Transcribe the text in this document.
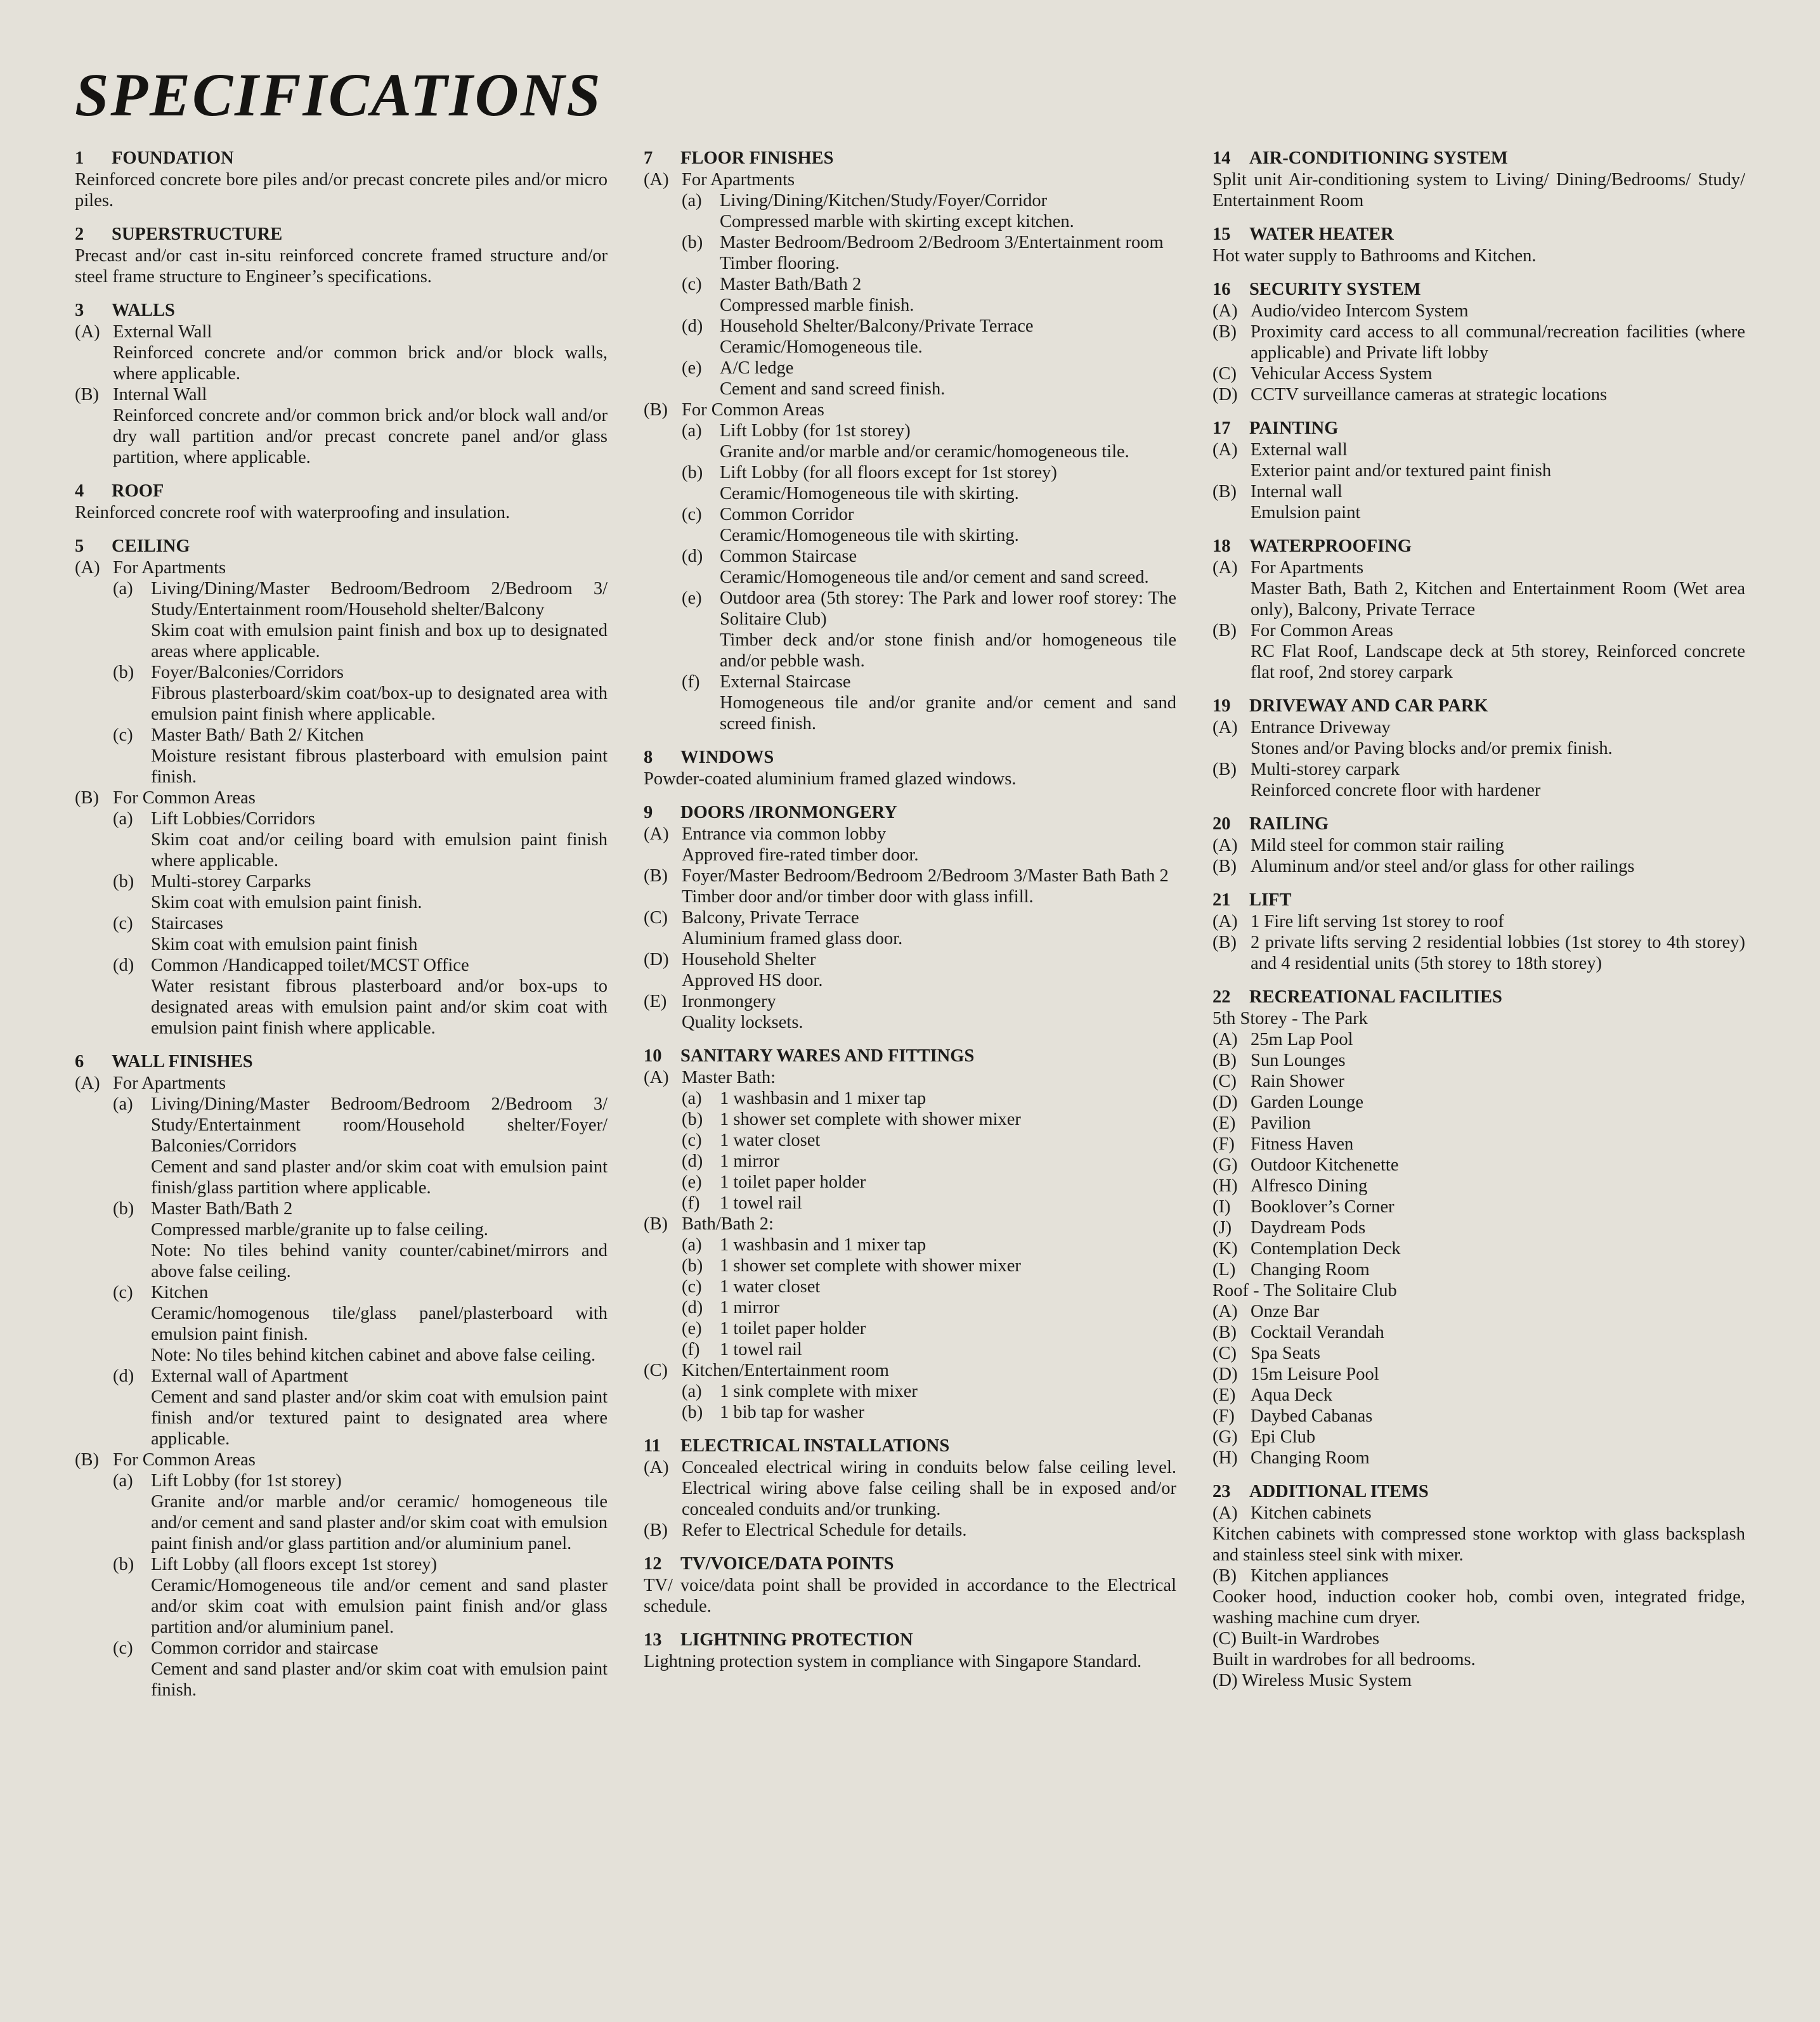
SPECIFICATIONS
1	FOUNDATION
Reinforced concrete bore piles and/or precast concrete piles and/or micro piles.
2	SUPERSTRUCTURE
Precast and/or cast in-situ reinforced concrete framed structure and/or steel frame structure to Engineer’s specifications.
3	WALLS
(A) External Wall
Reinforced concrete and/or common brick and/or block walls, where applicable.
(B) Internal Wall
Reinforced concrete and/or common brick and/or block wall and/or dry wall partition and/or precast concrete panel and/or glass partition, where applicable.
4	ROOF
Reinforced concrete roof with waterproofing and insulation.
5	CEILING
(A) For Apartments
(a) Living/Dining/Master Bedroom/Bedroom 2/Bedroom 3/ Study/Entertainment room/Household shelter/Balcony
Skim coat with emulsion paint finish and box up to designated areas where applicable.
(b) Foyer/Balconies/Corridors
Fibrous plasterboard/skim coat/box-up to designated area with emulsion paint finish where applicable.
(c) Master Bath/ Bath 2/ Kitchen
Moisture resistant fibrous plasterboard with emulsion paint finish.
(B) For Common Areas
(a) Lift Lobbies/Corridors
Skim coat and/or ceiling board with emulsion paint finish where applicable.
(b) Multi-storey Carparks
Skim coat with emulsion paint finish.
(c) Staircases
Skim coat with emulsion paint finish
(d) Common /Handicapped toilet/MCST Office
Water resistant fibrous plasterboard and/or box-ups to designated areas with emulsion paint and/or skim coat with emulsion paint finish where applicable.
6	WALL FINISHES
(A) For Apartments
(a) Living/Dining/Master Bedroom/Bedroom 2/Bedroom 3/ Study/Entertainment room/Household shelter/Foyer/ Balconies/Corridors
Cement and sand plaster and/or skim coat with emulsion paint finish/glass partition where applicable.
(b) Master Bath/Bath 2
Compressed marble/granite up to false ceiling.
Note: No tiles behind vanity counter/cabinet/mirrors and above false ceiling.
(c) Kitchen
Ceramic/homogenous tile/glass panel/plasterboard with emulsion paint finish.
Note: No tiles behind kitchen cabinet and above false ceiling.
(d) External wall of Apartment
Cement and sand plaster and/or skim coat with emulsion paint finish and/or textured paint to designated area where applicable.
(B) For Common Areas
(a) Lift Lobby (for 1st storey)
Granite and/or marble and/or ceramic/ homogeneous tile and/or cement and sand plaster and/or skim coat with emulsion paint finish and/or glass partition and/or aluminium panel.
(b) Lift Lobby (all floors except 1st storey)
Ceramic/Homogeneous tile and/or cement and sand plaster and/or skim coat with emulsion paint finish and/or glass partition and/or aluminium panel.
(c) Common corridor and staircase
Cement and sand plaster and/or skim coat with emulsion paint finish.
7	FLOOR FINISHES
(A) For Apartments
(a) Living/Dining/Kitchen/Study/Foyer/Corridor
Compressed marble with skirting except kitchen.
(b) Master Bedroom/Bedroom 2/Bedroom 3/Entertainment room
Timber flooring.
(c) Master Bath/Bath 2
Compressed marble finish.
(d) Household Shelter/Balcony/Private Terrace
Ceramic/Homogeneous tile.
(e) A/C ledge
Cement and sand screed finish.
(B) For Common Areas
(a) Lift Lobby (for 1st storey)
Granite and/or marble and/or ceramic/homogeneous tile.
(b) Lift Lobby (for all floors except for 1st storey)
Ceramic/Homogeneous tile with skirting.
(c) Common Corridor
Ceramic/Homogeneous tile with skirting.
(d) Common Staircase
Ceramic/Homogeneous tile and/or cement and sand screed.
(e) Outdoor area (5th storey: The Park and lower roof storey: The Solitaire Club)
Timber deck and/or stone finish and/or homogeneous tile and/or pebble wash.
(f)	External Staircase
Homogeneous tile and/or granite and/or cement and sand screed finish.
8	WINDOWS
Powder-coated aluminium framed glazed windows.
9	DOORS /IRONMONGERY
(A) Entrance via common lobby
Approved fire-rated timber door.
(B) Foyer/Master Bedroom/Bedroom 2/Bedroom 3/Master Bath Bath 2
Timber door and/or timber door with glass infill.
(C) Balcony, Private Terrace
Aluminium framed glass door.
(D) Household Shelter
Approved HS door.
(E) Ironmongery
Quality locksets.
10	SANITARY WARES AND FITTINGS
(A) Master Bath:
(a) 1 washbasin and 1 mixer tap
(b) 1 shower set complete with shower mixer
(c) 1 water closet
(d) 1 mirror
(e) 1 toilet paper holder
(f)	1 towel rail
(B) Bath/Bath 2:
(a) 1 washbasin and 1 mixer tap
(b) 1 shower set complete with shower mixer
(c) 1 water closet
(d) 1 mirror
(e) 1 toilet paper holder
(f)	1 towel rail
(C) Kitchen/Entertainment room
(a) 1 sink complete with mixer
(b) 1 bib tap for washer
11	ELECTRICAL INSTALLATIONS
(A) Concealed electrical wiring in conduits below false ceiling level. Electrical wiring above false ceiling shall be in exposed and/or concealed conduits and/or trunking.
(B) Refer to Electrical Schedule for details.
12	TV/VOICE/DATA POINTS
TV/ voice/data point shall be provided in accordance to the Electrical schedule.
13	LIGHTNING PROTECTION
Lightning protection system in compliance with Singapore Standard.
14	AIR-CONDITIONING SYSTEM
Split unit Air-conditioning system to Living/ Dining/Bedrooms/ Study/ Entertainment Room
15	WATER HEATER
Hot water supply to Bathrooms and Kitchen.
16	SECURITY SYSTEM
(A) Audio/video Intercom System
(B) Proximity card access to all communal/recreation facilities (where applicable) and Private lift lobby
(C) Vehicular Access System
(D) CCTV surveillance cameras at strategic locations
17	PAINTING
(A) External wall
Exterior paint and/or textured paint finish
(B) Internal wall
Emulsion paint
18	WATERPROOFING
(A) For Apartments
Master Bath, Bath 2, Kitchen and Entertainment Room (Wet area only), Balcony, Private Terrace
(B) For Common Areas
RC Flat Roof, Landscape deck at 5th storey, Reinforced concrete flat roof, 2nd storey carpark
19	DRIVEWAY AND CAR PARK
(A) Entrance Driveway
Stones and/or Paving blocks and/or premix finish.
(B) Multi-storey carpark
Reinforced concrete floor with hardener
20	RAILING
(A) Mild steel for common stair railing
(B) Aluminum and/or steel and/or glass for other railings
21	LIFT
(A) 1 Fire lift serving 1st storey to roof
(B) 2 private lifts serving 2 residential lobbies (1st storey to 4th storey) and 4 residential units (5th storey to 18th storey)
22	RECREATIONAL FACILITIES
5th Storey - The Park
(A) 25m Lap Pool
(B) Sun Lounges
(C) Rain Shower
(D) Garden Lounge
(E) Pavilion
(F) Fitness Haven
(G) Outdoor Kitchenette
(H) Alfresco Dining
(I)	Booklover’s Corner
(J)	Daydream Pods
(K) Contemplation Deck
(L) Changing Room
Roof - The Solitaire Club
(A) Onze Bar
(B) Cocktail Verandah
(C) Spa Seats
(D) 15m Leisure Pool
(E) Aqua Deck
(F) Daybed Cabanas
(G) Epi Club
(H) Changing Room
23	ADDITIONAL ITEMS
(A) Kitchen cabinets
Kitchen cabinets with compressed stone worktop with glass backsplash and stainless steel sink with mixer.
(B) Kitchen appliances
Cooker hood, induction cooker hob, combi oven, integrated fridge, washing machine cum dryer.
(C) Built-in Wardrobes
Built in wardrobes for all bedrooms.
(D) Wireless Music System
